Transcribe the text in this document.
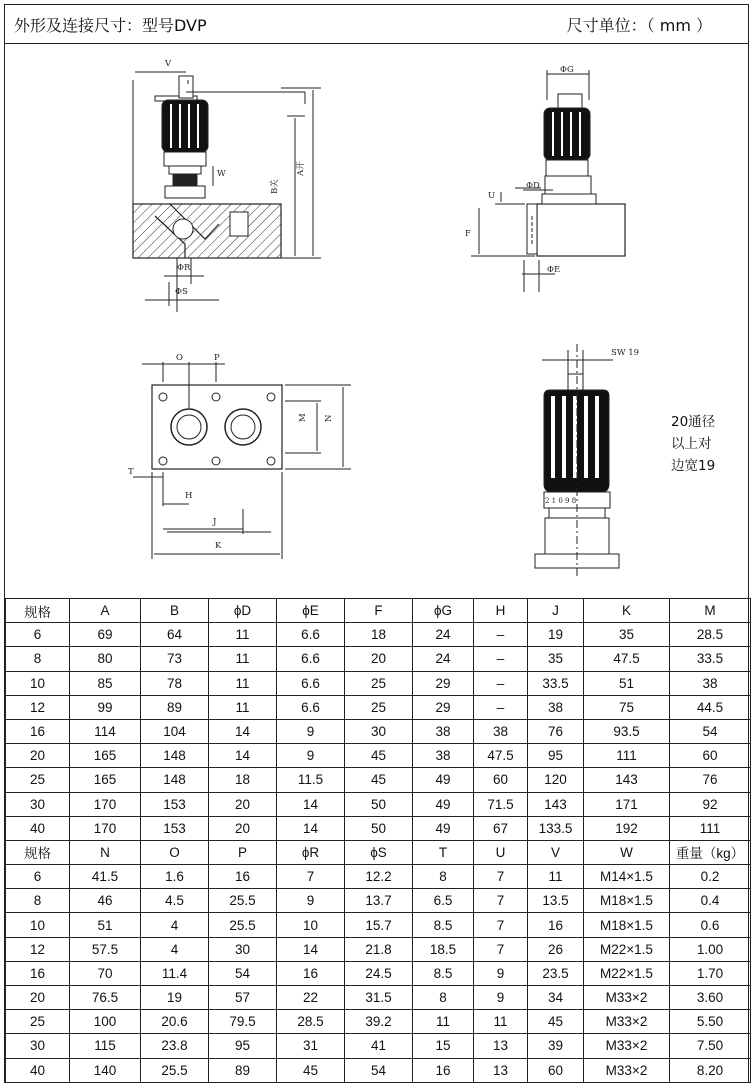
外形及连接尺寸：型号DVP	尺寸单位：（ mm ）
V
W
B关
A开
ΦR
ΦS
ΦG
ΦD
U
F
ΦE
O	P
T
H
J
K
M N
SW 19
2 1 0 9 8
20通径
以上对
边宽19
规格	A	B	ϕD	ϕE	F	ϕG	H	J	K	M
6	69	64	11	6.6	18	24	–	19	35	28.5
8	80	73	11	6.6	20	24	–	35	47.5	33.5
10	85	78	11	6.6	25	29	–	33.5	51	38
12	99	89	11	6.6	25	29	–	38	75	44.5
16	114	104	14	9	30	38	38	76	93.5	54
20	165	148	14	9	45	38	47.5	95	111	60
25	165	148	18	11.5	45	49	60	120	143	76
30	170	153	20	14	50	49	71.5	143	171	92
40	170	153	20	14	50	49	67	133.5	192	111
规格	N	O	P	ϕR	ϕS	T	U	V	W	重量（kg）
6	41.5	1.6	16	7	12.2	8	7	11	M14×1.5	0.2
8	46	4.5	25.5	9	13.7	6.5	7	13.5	M18×1.5	0.4
10	51	4	25.5	10	15.7	8.5	7	16	M18×1.5	0.6
12	57.5	4	30	14	21.8	18.5	7	26	M22×1.5	1.00
16	70	11.4	54	16	24.5	8.5	9	23.5	M22×1.5	1.70
20	76.5	19	57	22	31.5	8	9	34	M33×2	3.60
25	100	20.6	79.5	28.5	39.2	11	11	45	M33×2	5.50
30	115	23.8	95	31	41	15	13	39	M33×2	7.50
40	140	25.5	89	45	54	16	13	60	M33×2	8.20
